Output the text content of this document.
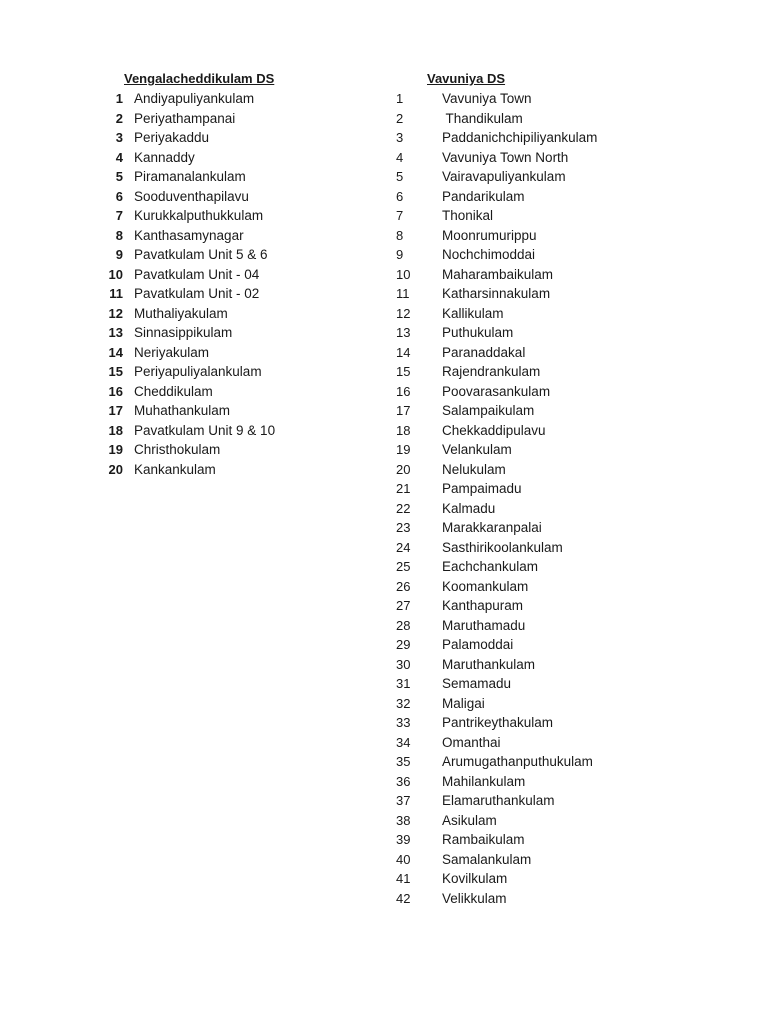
Vengalacheddikulam DS
1 Andiyapuliyankulam
2 Periyathampanai
3 Periyakaddu
4 Kannaddy
5 Piramanalankulam
6 Sooduventhapilavu
7 Kurukkalputhukkulam
8 Kanthasamynagar
9 Pavatkulam Unit 5 & 6
10 Pavatkulam Unit - 04
11 Pavatkulam Unit - 02
12 Muthaliyakulam
13 Sinnasippikulam
14 Neriyakulam
15 Periyapuliyalankulam
16 Cheddikulam
17 Muhathankulam
18 Pavatkulam Unit 9 & 10
19 Christhokulam
20 Kankankulam
Vavuniya DS
1	Vavuniya Town
2	Thandikulam
3	Paddanichchipiliyankulam
4	Vavuniya Town North
5	Vairavapuliyankulam
6	Pandarikulam
7	Thonikal
8	Moonrumurippu
9	Nochchimoddai
10	Maharambaikulam
11	Katharsinnakulam
12	Kallikulam
13	Puthukulam
14	Paranaddakal
15	Rajendrankulam
16	Poovarasankulam
17	Salampaikulam
18	Chekkaddipulavu
19	Velankulam
20	Nelukulam
21	Pampaimadu
22	Kalmadu
23	Marakkaranpalai
24	Sasthirikoolankulam
25	Eachchankulam
26	Koomankulam
27	Kanthapuram
28	Maruthamadu
29	Palamoddai
30	Maruthankulam
31	Semamadu
32	Maligai
33	Pantrikeythakulam
34	Omanthai
35	Arumugathanputhukulam
36	Mahilankulam
37	Elamaruthankulam
38	Asikulam
39	Rambaikulam
40	Samalankulam
41	Kovilkulam
42	Velikkulam
